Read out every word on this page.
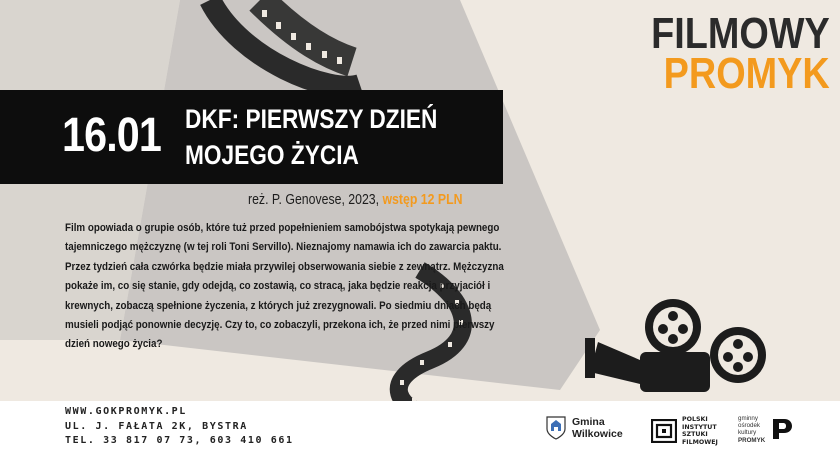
FILMOWY
PROMYK
16.01 DKF: PIERWSZY DZIEŃ
MOJEGO ŻYCIA
reż. P. Genovese, 2023, wstęp 12 PLN
Film opowiada o grupie osób, które tuż przed popełnieniem samobójstwa spotykają pewnego tajemniczego mężczyznę (w tej roli Toni Servillo). Nieznajomy namawia ich do zawarcia paktu. Przez tydzień cała czwórka będzie miała przywilej obserwowania siebie z zewnątrz. Mężczyzna pokaże im, co się stanie, gdy odejdą, co zostawią, co stracą, jaka będzie reakcja przyjaciół i krewnych, zobaczą spełnione życzenia, z których już zrezygnowali. Po siedmiu dniach będą musieli podjąć ponownie decyzję. Czy to, co zobaczyli, przekona ich, że przed nimi pierwszy dzień nowego życia?
WWW.GOKPROMYK.PL
UL. J. FAŁATA 2K, BYSTRA
TEL. 33 817 07 73, 603 410 661
Gmina
Wilkowice
POLSKI
INSTYTUT
SZTUKI
FILMOWEJ
gminny
ośrodek
kultury
PROMYK
